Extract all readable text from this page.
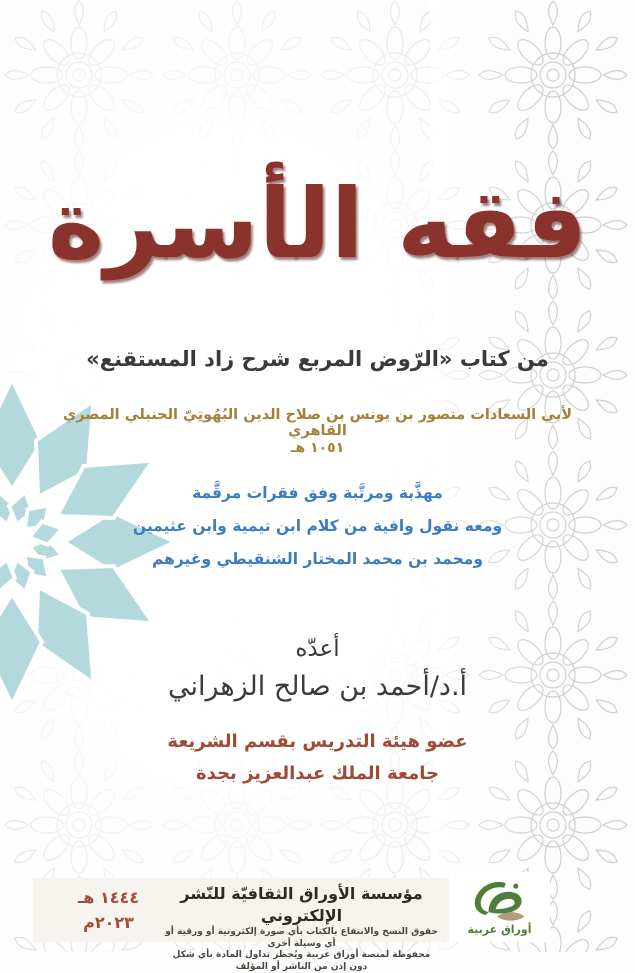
فقه الأسرة
من كتاب «الرّوض المربع شرح زاد المستقنع»
لأبي السعادات منصور بن يونس بن صلاح الدين البُهُوتِيّ الحنبلي المصري القاهري
١٠٥١ هـ
مهذَّبة ومرتَّبة وفق فقرات مرقَّمة
ومعه نقول وافية من كلام ابن تيمية وابن عثيمين
ومحمد بن محمد المختار الشنقيطي وغيرهم
أعدّه
أ.د/أحمد بن صالح الزهراني
عضو هيئة التدريس بقسم الشريعة
جامعة الملك عبدالعزيز بجدة
١٤٤٤ هـ
٢٠٢٣م
مؤسسة الأوراق الثقافيّة للنّشر الإلكتروني
حقوق النسخ والانتفاع بالكتاب بأي صورة إلكترونية أو ورقية أو أي وسيلة أخرى
محفوظة لمنصة أوراق عربية ويُحظر تداول المادة بأي شكل دون إذن من الناشر أو المؤلف
أوراق عربية
